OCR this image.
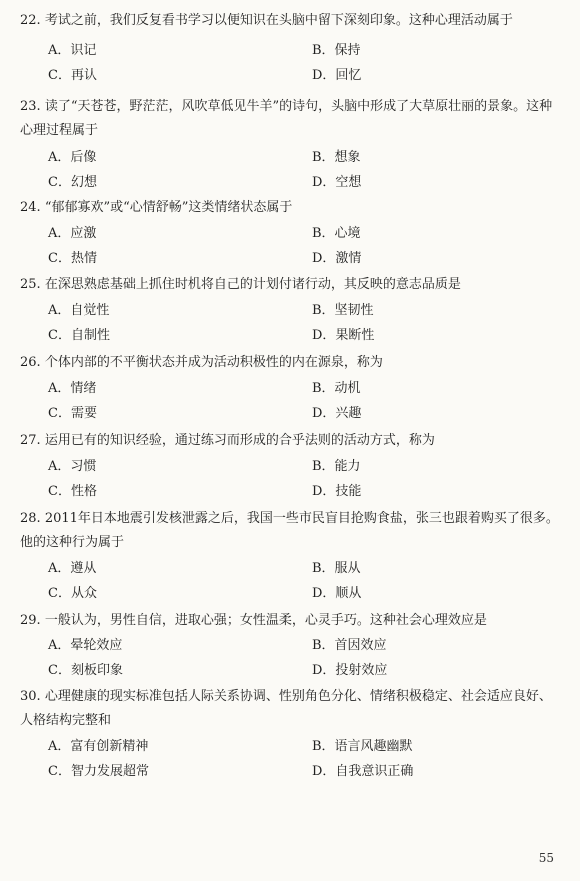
22. 考试之前，我们反复看书学习以便知识在头脑中留下深刻印象。这种心理活动属于
A．识记	B．保持
C．再认	D．回忆
23. 读了“天苍苍，野茫茫，风吹草低见牛羊”的诗句，头脑中形成了大草原壮丽的景象。这种心理过程属于
A．后像	B．想象
C．幻想	D．空想
24. “郁郁寡欢”或“心情舒畅”这类情绪状态属于
A．应激	B．心境
C．热情	D．激情
25. 在深思熟虑基础上抓住时机将自己的计划付诸行动，其反映的意志品质是
A．自觉性	B．坚韧性
C．自制性	D．果断性
26. 个体内部的不平衡状态并成为活动积极性的内在源泉，称为
A．情绪	B．动机
C．需要	D．兴趣
27. 运用已有的知识经验，通过练习而形成的合乎法则的活动方式，称为
A．习惯	B．能力
C．性格	D．技能
28. 2011年日本地震引发核泄露之后，我国一些市民盲目抢购食盐，张三也跟着购买了很多。他的这种行为属于
A．遵从	B．服从
C．从众	D．顺从
29. 一般认为，男性自信，进取心强；女性温柔，心灵手巧。这种社会心理效应是
A．晕轮效应	B．首因效应
C．刻板印象	D．投射效应
30. 心理健康的现实标准包括人际关系协调、性别角色分化、情绪积极稳定、社会适应良好、人格结构完整和
A．富有创新精神	B．语言风趣幽默
C．智力发展超常	D．自我意识正确
55
